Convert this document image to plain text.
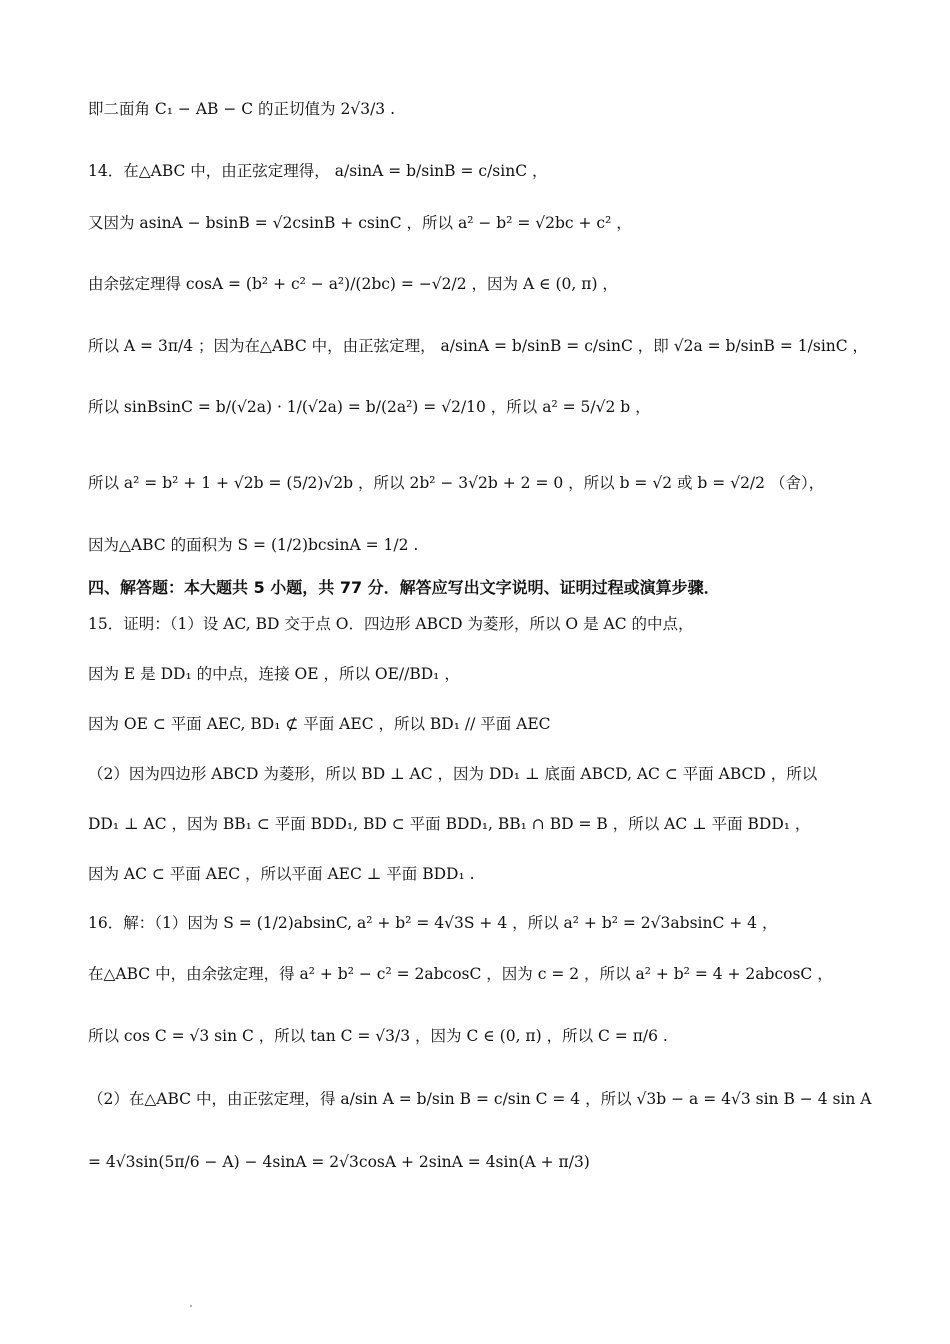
即二面角 C₁ − AB − C 的正切值为 2√3/3 .
14．在△ABC 中，由正弦定理得， a/sinA = b/sinB = c/sinC ，
又因为 asinA − bsinB = √2csinB + csinC ，所以 a² − b² = √2bc + c² ，
由余弦定理得 cosA = (b² + c² − a²)/(2bc) = −√2/2 ，因为 A ∈ (0, π) ，
所以 A = 3π/4 ；因为在△ABC 中，由正弦定理， a/sinA = b/sinB = c/sinC ，即 √2a = b/sinB = 1/sinC ，
所以 sinBsinC = b/(√2a) · 1/(√2a) = b/(2a²) = √2/10 ，所以 a² = 5/√2 b ，
所以 a² = b² + 1 + √2b = (5/2)√2b ，所以 2b² − 3√2b + 2 = 0 ，所以 b = √2 或 b = √2/2 （舍），
因为△ABC 的面积为 S = (1/2)bcsinA = 1/2 .
四、解答题：本大题共 5 小题，共 77 分．解答应写出文字说明、证明过程或演算步骤．
15．证明：（1）设 AC, BD 交于点 O．四边形 ABCD 为菱形，所以 O 是 AC 的中点，
因为 E 是 DD₁ 的中点，连接 OE ，所以 OE//BD₁ ，
因为 OE ⊂ 平面 AEC, BD₁ ⊄ 平面 AEC ，所以 BD₁ // 平面 AEC
（2）因为四边形 ABCD 为菱形，所以 BD ⊥ AC ，因为 DD₁ ⊥ 底面 ABCD, AC ⊂ 平面 ABCD ，所以
DD₁ ⊥ AC ，因为 BB₁ ⊂ 平面 BDD₁, BD ⊂ 平面 BDD₁, BB₁ ∩ BD = B ，所以 AC ⊥ 平面 BDD₁ ，
因为 AC ⊂ 平面 AEC ，所以平面 AEC ⊥ 平面 BDD₁ .
16．解：（1）因为 S = (1/2)absinC, a² + b² = 4√3S + 4 ，所以 a² + b² = 2√3absinC + 4 ，
在△ABC 中，由余弦定理，得 a² + b² − c² = 2abcosC ，因为 c = 2 ，所以 a² + b² = 4 + 2abcosC ，
所以 cos C = √3 sin C ，所以 tan C = √3/3 ，因为 C ∈ (0, π) ，所以 C = π/6 .
（2）在△ABC 中，由正弦定理，得 a/sin A = b/sin B = c/sin C = 4 ，所以 √3b − a = 4√3 sin B − 4 sin A
= 4√3sin(5π/6 − A) − 4sinA = 2√3cosA + 2sinA = 4sin(A + π/3)
